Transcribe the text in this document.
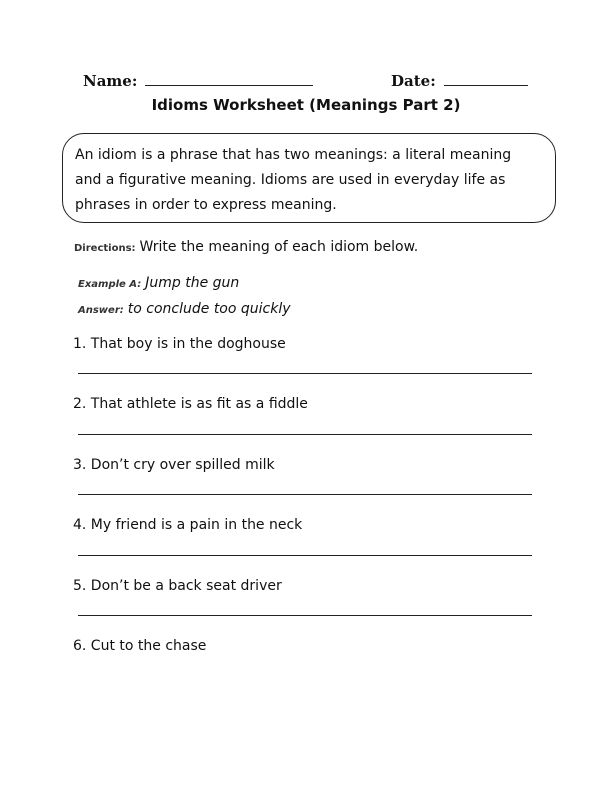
Name:	Date:
Idioms Worksheet (Meanings Part 2)

An idiom is a phrase that has two meanings: a literal meaning

and a figurative meaning. Idioms are used in everyday life as

phrases in order to express meaning.

Directions: Write the meaning of each idiom below.
Example A: Jump the gun
Answer: to conclude too quickly
1. That boy is in the doghouse
2. That athlete is as fit as a fiddle
3. Don’t cry over spilled milk
4. My friend is a pain in the neck
5. Don’t be a back seat driver
6. Cut to the chase
